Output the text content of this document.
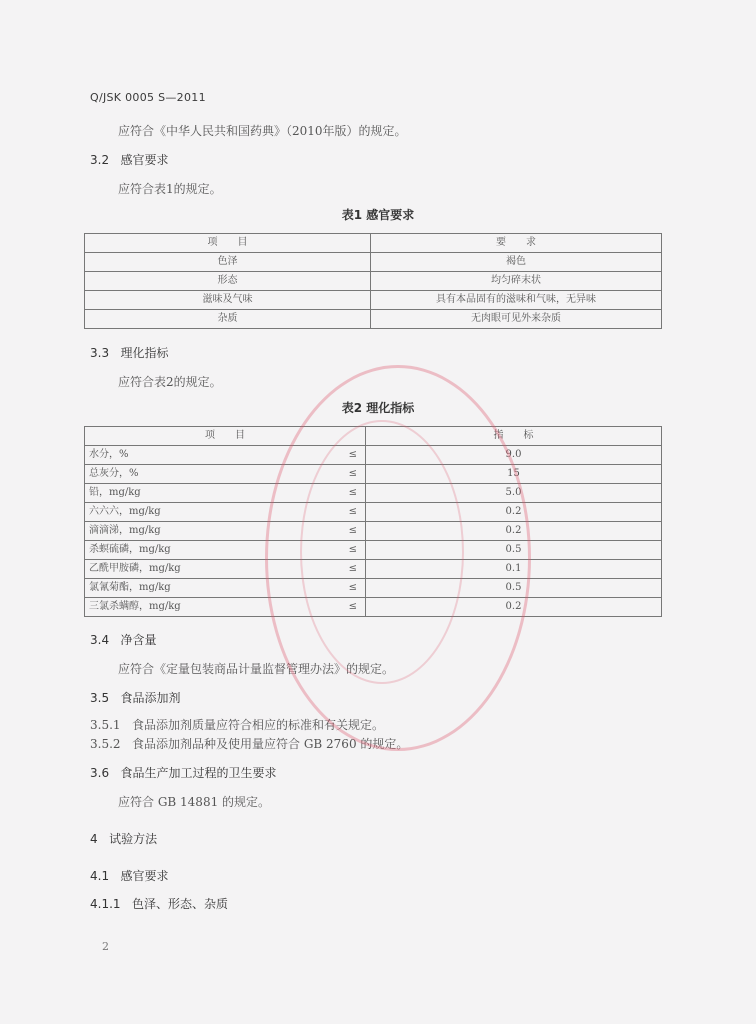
Q/JSK 0005 S—2011
应符合《中华人民共和国药典》（2010年版）的规定。
3.2 感官要求
应符合表1的规定。
表1 感官要求
项　　目	要　　求
色泽	褐色
形态	均匀碎末状
滋味及气味	具有本品固有的滋味和气味，无异味
杂质	无肉眼可见外来杂质
3.3 理化指标
应符合表2的规定。
表2 理化指标
项　　目		指　　标
水分，%	≤	9.0
总灰分，%	≤	15
铅，mg/kg	≤	5.0
六六六，mg/kg	≤	0.2
滴滴涕，mg/kg	≤	0.2
杀螟硫磷，mg/kg	≤	0.5
乙酰甲胺磷，mg/kg	≤	0.1
氯氰菊酯，mg/kg	≤	0.5
三氯杀螨醇，mg/kg	≤	0.2
3.4 净含量
应符合《定量包装商品计量监督管理办法》的规定。
3.5 食品添加剂
3.5.1 食品添加剂质量应符合相应的标准和有关规定。
3.5.2 食品添加剂品种及使用量应符合 GB 2760 的规定。
3.6 食品生产加工过程的卫生要求
应符合 GB 14881 的规定。
4 试验方法
4.1 感官要求
4.1.1 色泽、形态、杂质
2
